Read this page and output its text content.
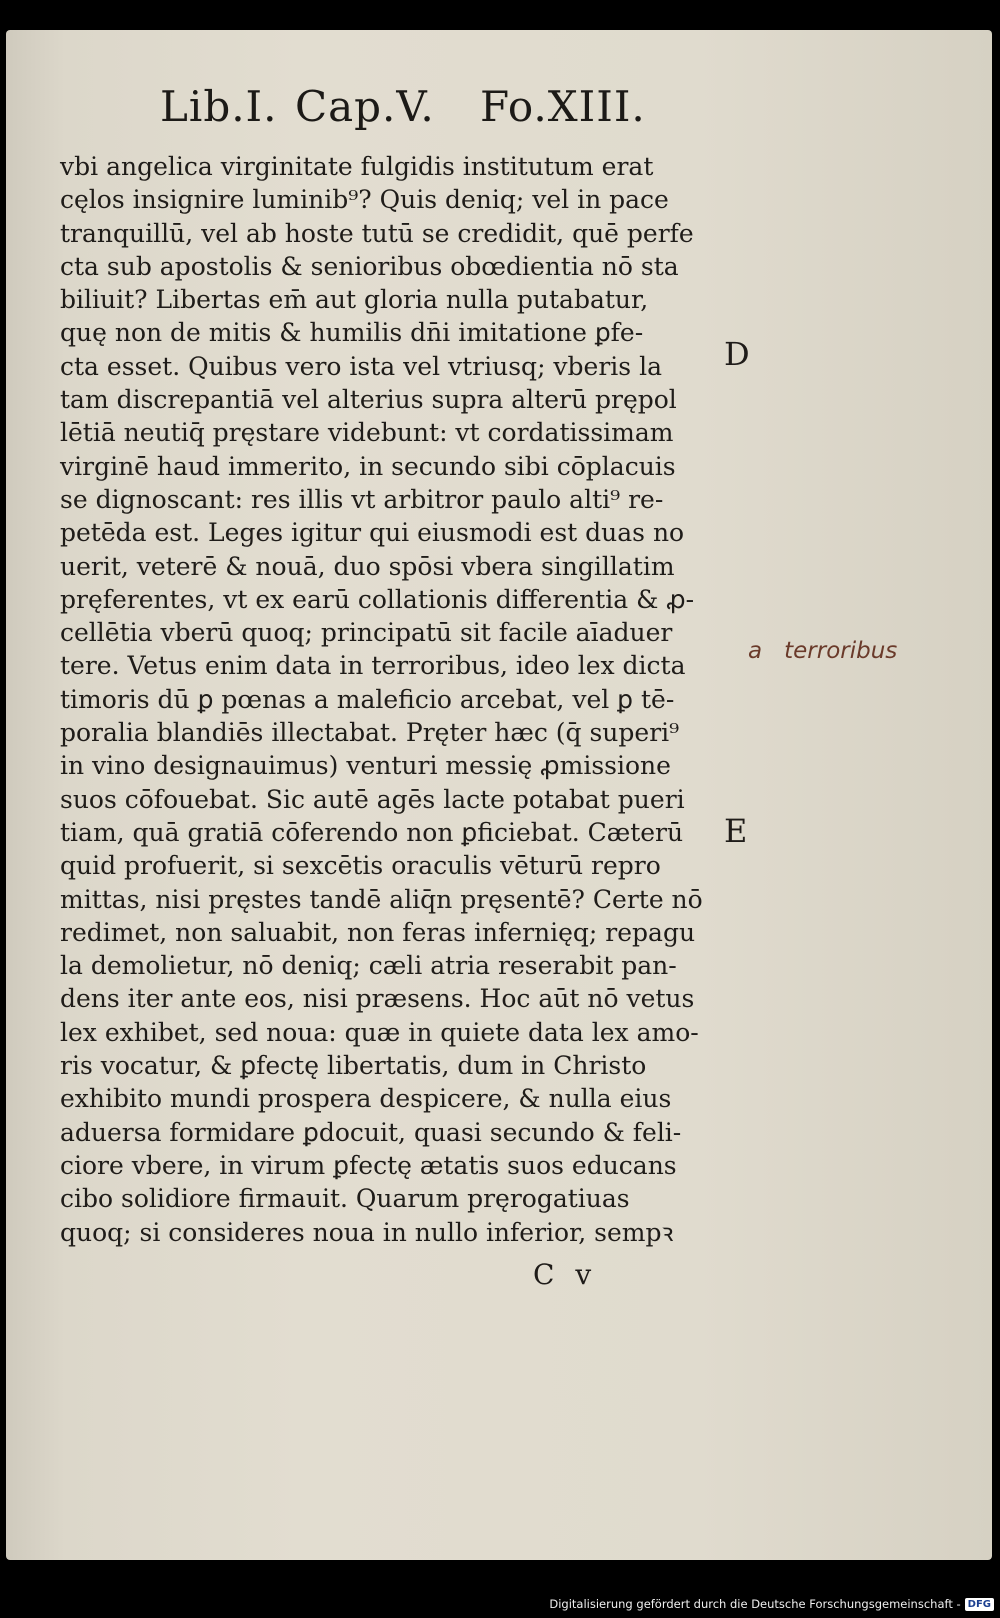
Lib.I. Cap.V. Fo.XIII.
vbi angelica virginitate fulgidis institutum erat
cęlos insignire luminib⁹? Quis deniq; vel in pace
tranquillū, vel ab hoste tutū se credidit, quē perfe
cta sub apostolis & senioribus obœdientia nō sta
biliuit? Libertas em̄ aut gloria nulla putabatur,
quę non de mitis & humilis dn̄i imitatione ꝑfe-
cta esset. Quibus vero ista vel vtriusq; vberis la
tam discrepantiā vel alterius supra alterū prępol
lētiā neutiq̄ pręstare videbunt: vt cordatissimam
virginē haud immerito, in secundo sibi cōplacuis
se dignoscant: res illis vt arbitror paulo alti⁹ re-
petēda est. Leges igitur qui eiusmodi est duas no
uerit, veterē & nouā, duo spōsi vbera singillatim
pręferentes, vt ex earū collationis differentia & ꝓ-
cellētia vberū quoq; principatū sit facile aīaduer
tere. Vetus enim data in terroribus, ideo lex dicta
timoris dū ꝑ pœnas a maleficio arcebat, vel ꝑ tē-
poralia blandiēs illectabat. Pręter hæc (q̄ superi⁹
in vino designauimus) venturi messię ꝓmissione
suos cōfouebat. Sic autē agēs lacte potabat pueri
tiam, quā gratiā cōferendo non ꝑficiebat. Cæterū
quid profuerit, si sexcētis oraculis vēturū repro
mittas, nisi pręstes tandē aliq̄n pręsentē? Certe nō
redimet, non saluabit, non feras infernięq; repagu
la demolietur, nō deniq; cæli atria reserabit pan-
dens iter ante eos, nisi præsens. Hoc aūt nō vetus
lex exhibet, sed noua: quæ in quiete data lex amo-
ris vocatur, & ꝑfectę libertatis, dum in Christo
exhibito mundi prospera despicere, & nulla eius
aduersa formidare ꝑdocuit, quasi secundo & feli-
ciore vbere, in virum ꝑfectę ætatis suos educans
cibo solidiore firmauit. Quarum pręrogatiuas
quoq; si consideres noua in nullo inferior, sempꝛ
D
E
a terroribus
C v
Digitalisierung gefördert durch die Deutsche Forschungsgemeinschaft - DFG
